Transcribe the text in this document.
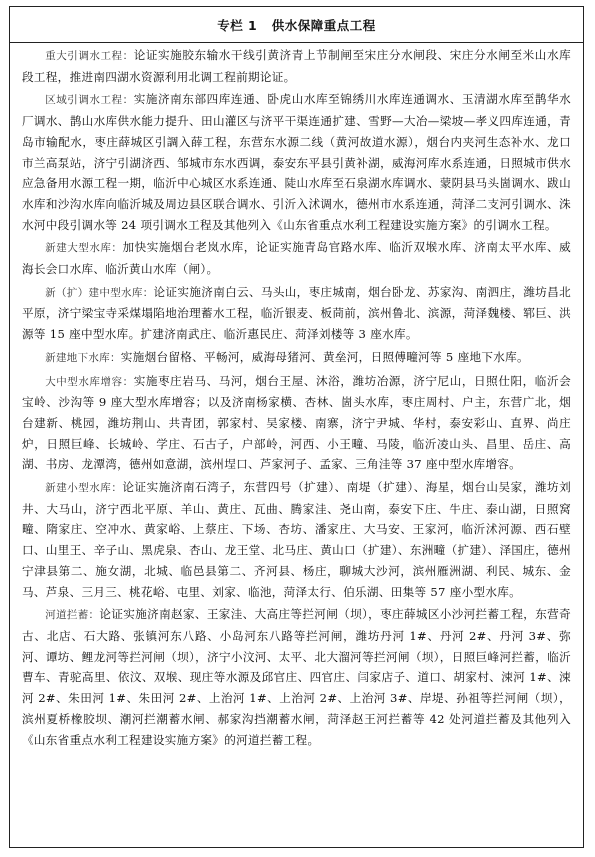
专栏 1   供水保障重点工程

重大引调水工程：论证实施胶东输水干线引黄济青上节制闸至宋庄分水闸段、宋庄分水闸至米山水库段工程，推进南四湖水资源利用北调工程前期论证。

区域引调水工程：实施济南东部四库连通、卧虎山水库至锦绣川水库连通调水、玉清湖水库至鹊华水厂调水、鹊山水库供水能力提升、田山灌区与济平干渠连通扩建、雪野—大冶—梁坡—孝义四库连通，青岛市输配水，枣庄薛城区引調入薛工程，东营东水源二线（黄河故道水源），烟台内夹河生态补水、龙口市兰高泵站，济宁引湖济西、邹城市东水西调，泰安东平县引黄补湖，威海河库水系连通，日照城市供水应急备用水源工程一期，临沂中心城区水系连通、陡山水库至石泉湖水库调水、蒙阴县马头崮调水、跋山水库和沙沟水库向临沂城及周边县区联合调水、引沂入沭调水，德州市水系连通，菏泽二支河引调水、洙水河中段引调水等 24 项引调水工程及其他列入《山东省重点水利工程建设实施方案》的引调水工程。

新建大型水库：加快实施烟台老岚水库，论证实施青岛官路水库、临沂双堠水库、济南太平水库、威海长会口水库、临沂黄山水库（闸）。

新（扩）建中型水库：论证实施济南白云、马头山，枣庄城南，烟台卧龙、苏家沟、南泗庄，潍坊昌北平原，济宁梁宝寺采煤塌陷地治理蓄水工程，临沂银麦、板茼前，滨州鲁北、滨源，菏泽魏楼、郓巨、洪源等 15 座中型水库。扩建济南武庄、临沂惠民庄、菏泽刘楼等 3 座水库。

新建地下水库：实施烟台留格、平畅河，威海母猪河、黄垒河，日照傅疃河等 5 座地下水库。

大中型水库增容：实施枣庄岩马、马河，烟台王屋、沐浴，潍坊冶源，济宁尼山，日照仕阳，临沂会宝岭、沙沟等 9 座大型水库增容；以及济南杨家横、杏林、崮头水库，枣庄周村、户主，东营广北，烟台建新、桃园，潍坊荆山、共青团，郭家村、吴家楼、南寨，济宁尹城、华村，泰安彩山、直界、尚庄炉，日照巨峰、长城岭、学庄、石古子，户部岭，河西、小王疃、马陵，临沂凌山头、昌里、岳庄、高湖、书房、龙潭湾，德州如意湖，滨州埕口、芦家河子、孟家、三角洼等 37 座中型水库增容。

新建小型水库：论证实施济南石湾子，东营四号（扩建）、南堤（扩建）、海星，烟台山吴家，潍坊刘井、大马山，济宁西北平原、羊山、黄庄、瓦曲、腾家洼、尧山南，泰安下庄、牛庄、泰山湖，日照窝疃、隋家庄、空冲水、黄家峪、上蔡庄、下场、杏坊、潘家庄、大马安、王家河，临沂沭河源、西石壁口、山里王、辛子山、黑虎泉、杏山、龙王堂、北马庄、黄山口（扩建）、东洲疃（扩建）、泽国庄，德州宁津县第二、施女湖，北城、临邑县第二、齐河县、杨庄，聊城大沙河，滨州雁洲湖、利民、城东、金马、芦泉、三月三、桃花峪、屯里、刘家、临池，菏泽太行、伯乐湖、田集等 57 座小型水库。

河道拦蓄：论证实施济南赵家、王家洼、大高庄等拦河闸（坝），枣庄薛城区小沙河拦蓄工程，东营奇古、北店、石大路、张镇河东八路、小岛河东八路等拦河闸，潍坊丹河 1#、丹河 2#、丹河 3#、弥河、谭坊、鲤龙河等拦河闸（坝），济宁小汶河、太平、北大溜河等拦河闸（坝），日照巨峰河拦蓄，临沂曹车、青驼高里、依汶、双堠、现庄等水源及邱官庄、四官庄、闫家店子、道口、胡家村、涑河 1#、涑河 2#、朱田河 1#、朱田河 2#、上治河 1#、上治河 2#、上治河 3#、岸堤、孙祖等拦河闸（坝），滨州夏桥橡胶坝、潮河拦潮蓄水闸、郝家沟挡潮蓄水闸，菏泽赵王河拦蓄等 42 处河道拦蓄及其他列入《山东省重点水利工程建设实施方案》的河道拦蓄工程。
